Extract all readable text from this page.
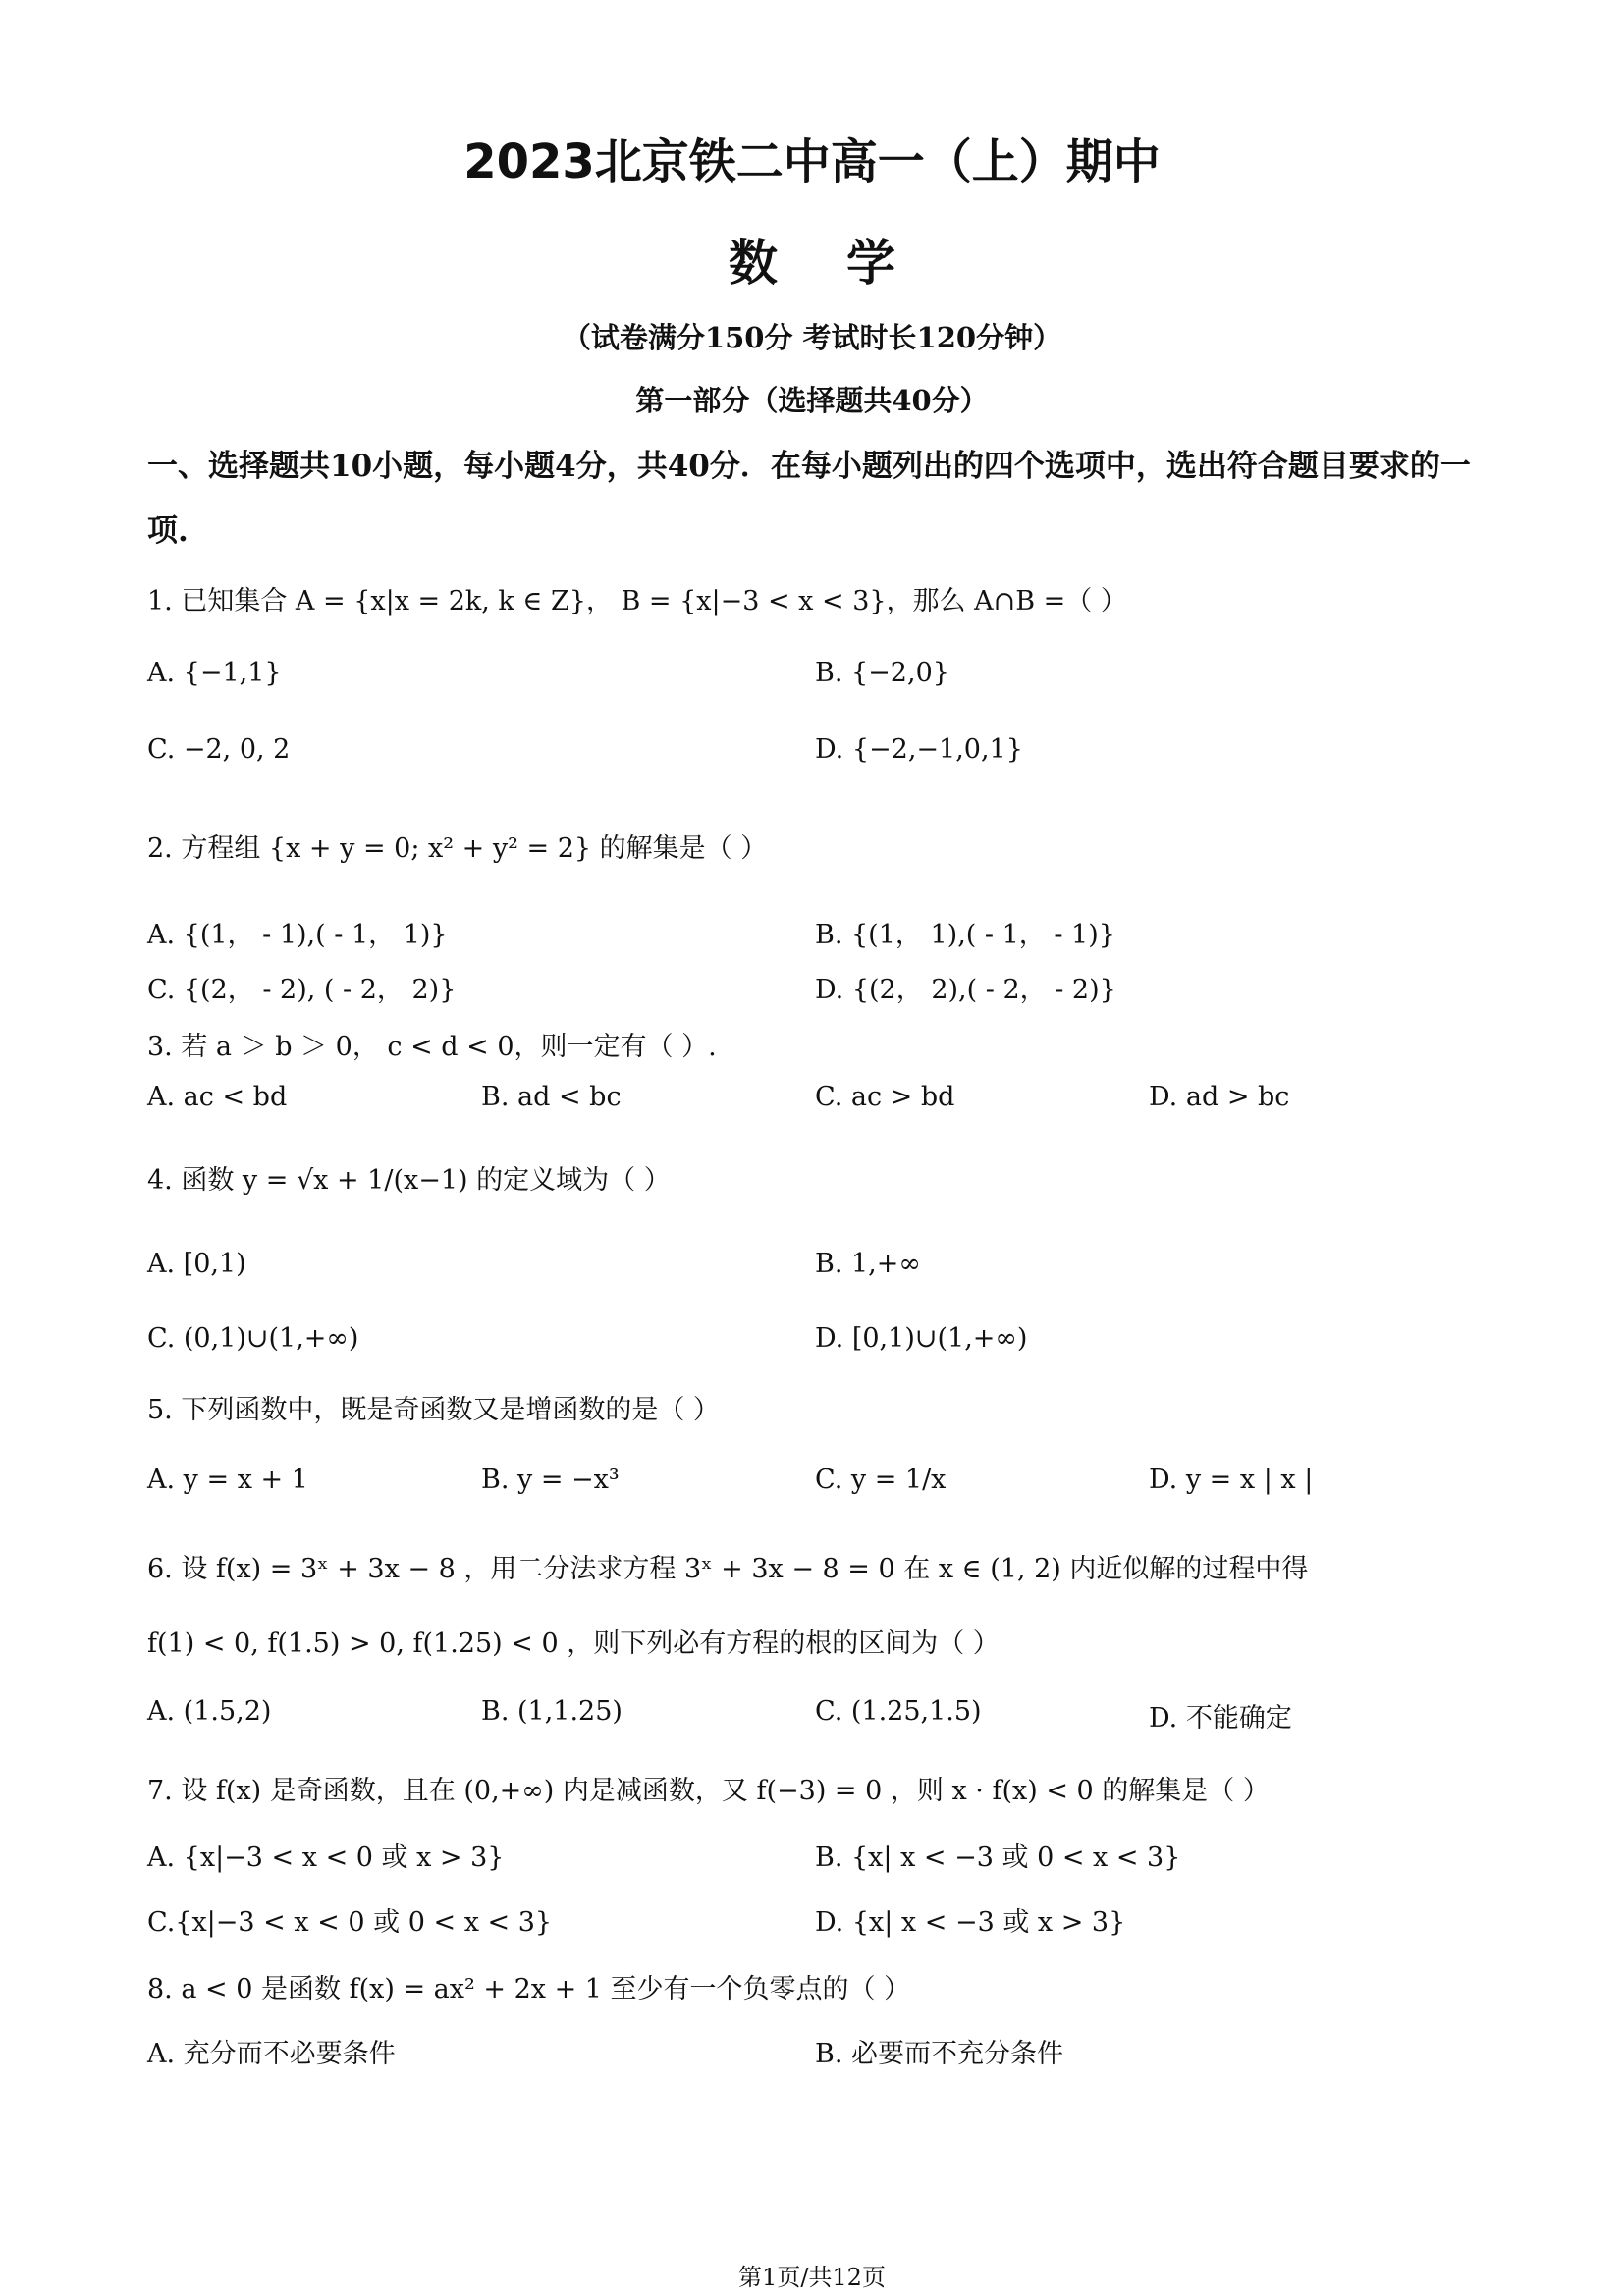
2023北京铁二中高一（上）期中
数学
（试卷满分150分 考试时长120分钟）
第一部分（选择题共40分）
一、选择题共10小题，每小题4分，共40分．在每小题列出的四个选项中，选出符合题目要求的一项.
1. 已知集合 A = {x|x = 2k, k ∈ Z}， B = {x|−3 < x < 3}，那么 A∩B =（ ）
A. {−1,1}	B. {−2,0}
C. −2, 0, 2	D. {−2,−1,0,1}
2. 方程组 {x + y = 0; x² + y² = 2} 的解集是（ ）
A. {(1， - 1),( - 1， 1)}	B. {(1， 1),( - 1， - 1)}
C. {(2， - 2), ( - 2， 2)}	D. {(2， 2),( - 2， - 2)}
3. 若 a ＞ b ＞ 0， c < d < 0，则一定有（ ）.
A. ac < bd	B. ad < bc	C. ac > bd	D. ad > bc
4. 函数 y = √x + 1/(x−1) 的定义域为（ ）
A. [0,1)	B. 1,+∞
C. (0,1)∪(1,+∞)	D. [0,1)∪(1,+∞)
5. 下列函数中，既是奇函数又是增函数的是（ ）
A. y = x + 1	B. y = −x³	C. y = 1/x	D. y = x | x |
6. 设 f(x) = 3ˣ + 3x − 8 ，用二分法求方程 3ˣ + 3x − 8 = 0 在 x ∈ (1, 2) 内近似解的过程中得
f(1) < 0, f(1.5) > 0, f(1.25) < 0 ，则下列必有方程的根的区间为（ ）
A. (1.5,2)	B. (1,1.25)	C. (1.25,1.5)	D. 不能确定
7. 设 f(x) 是奇函数，且在 (0,+∞) 内是减函数，又 f(−3) = 0 ，则 x · f(x) < 0 的解集是（ ）
A. {x|−3 < x < 0 或 x > 3}	B. {x| x < −3 或 0 < x < 3}
C.{x|−3 < x < 0 或 0 < x < 3}	D. {x| x < −3 或 x > 3}
8. a < 0 是函数 f(x) = ax² + 2x + 1 至少有一个负零点的（ ）
A. 充分而不必要条件	B. 必要而不充分条件
第1页/共12页
